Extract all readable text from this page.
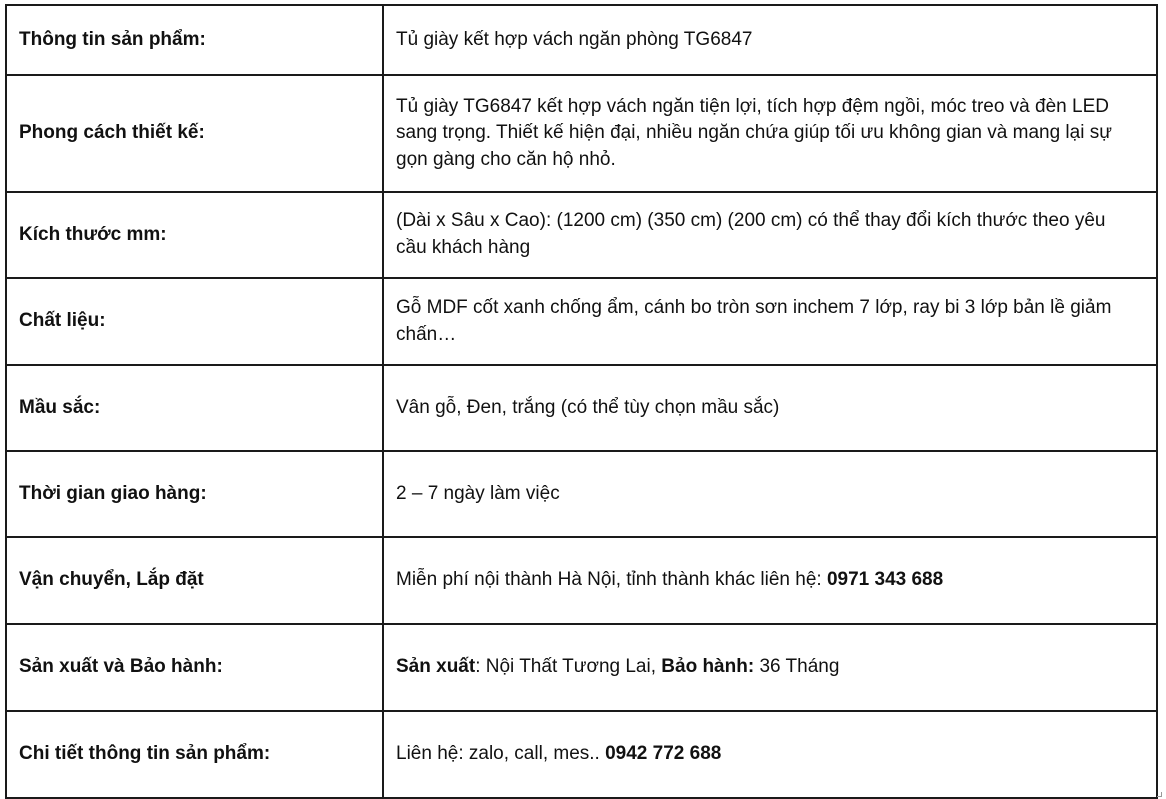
Thông tin sản phẩm:	Tủ giày kết hợp vách ngăn phòng TG6847
Phong cách thiết kế:	Tủ giày TG6847 kết hợp vách ngăn tiện lợi, tích hợp đệm ngồi, móc treo và đèn LED sang trọng. Thiết kế hiện đại, nhiều ngăn chứa giúp tối ưu không gian và mang lại sự gọn gàng cho căn hộ nhỏ.
Kích thước mm:	(Dài x Sâu x Cao): (1200 cm) (350 cm) (200 cm) có thể thay đổi kích thước theo yêu cầu khách hàng
Chất liệu:	Gỗ MDF cốt xanh chống ẩm, cánh bo tròn sơn inchem 7 lớp, ray bi 3 lớp bản lề giảm chấn…
Mầu sắc:	Vân gỗ, Đen, trắng (có thể tùy chọn mầu sắc)
Thời gian giao hàng:	2 – 7 ngày làm việc
Vận chuyển, Lắp đặt	Miễn phí nội thành Hà Nội, tỉnh thành khác liên hệ: 0971 343 688
Sản xuất và Bảo hành:	Sản xuất: Nội Thất Tương Lai, Bảo hành: 36 Tháng
Chi tiết thông tin sản phẩm:	Liên hệ: zalo, call, mes.. 0942 772 688
